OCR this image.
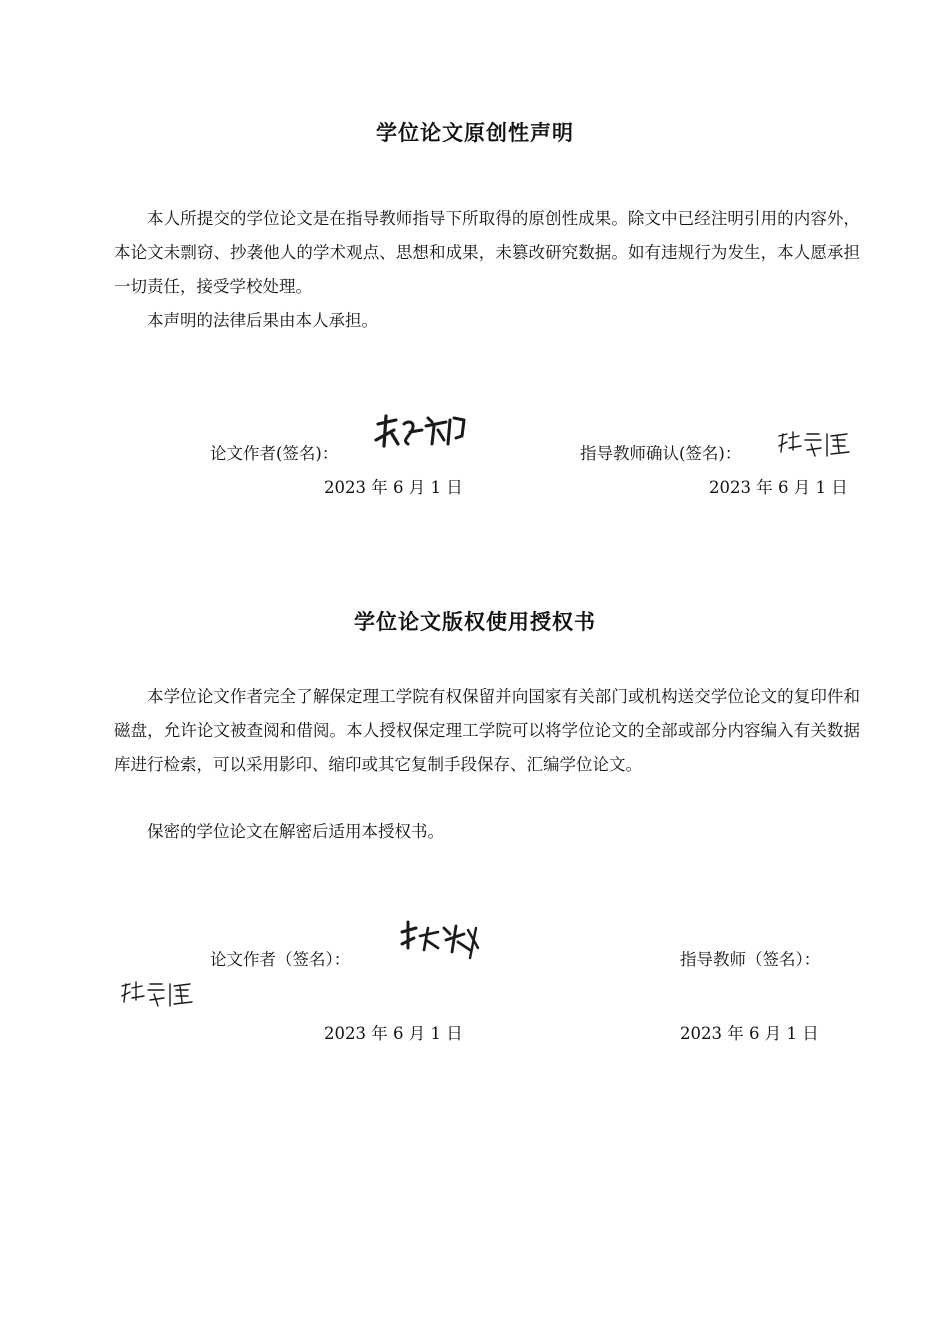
学位论文原创性声明
本人所提交的学位论文是在指导教师指导下所取得的原创性成果。除文中已经注明引用的内容外，本论文未剽窃、抄袭他人的学术观点、思想和成果，未篡改研究数据。如有违规行为发生，本人愿承担一切责任，接受学校处理。
本声明的法律后果由本人承担。
论文作者(签名)：
2023 年 6 月 1 日
指导教师确认(签名)：
2023 年 6 月 1 日
学位论文版权使用授权书
本学位论文作者完全了解保定理工学院有权保留并向国家有关部门或机构送交学位论文的复印件和磁盘，允许论文被查阅和借阅。本人授权保定理工学院可以将学位论文的全部或部分内容编入有关数据库进行检索，可以采用影印、缩印或其它复制手段保存、汇编学位论文。
保密的学位论文在解密后适用本授权书。
论文作者（签名）：
2023 年 6 月 1 日
指导教师（签名）：
2023 年 6 月 1 日
